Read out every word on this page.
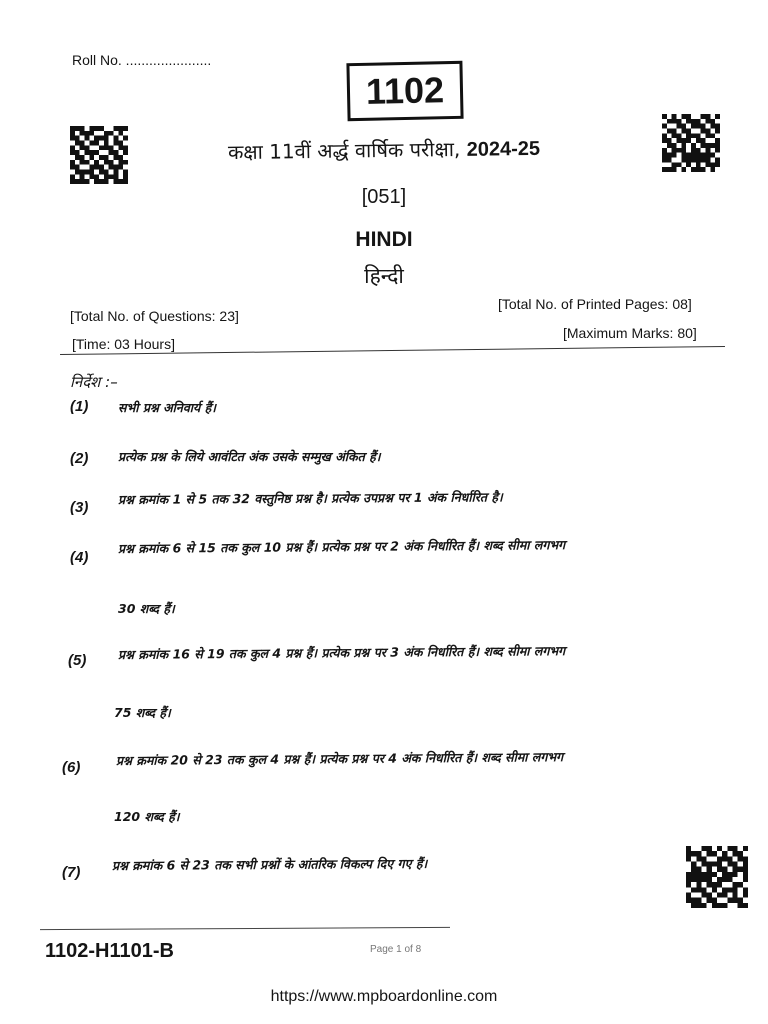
Roll No. ......................
1102
कक्षा 11वीं अर्द्ध वार्षिक परीक्षा, 2024-25
[051]
HINDI
हिन्दी
[Total No. of Questions: 23]
[Total No. of Printed Pages: 08]
[Time: 03 Hours]
[Maximum Marks: 80]
निर्देश :–
(1) सभी प्रश्न अनिवार्य हैं।
(2) प्रत्येक प्रश्न के लिये आवंटित अंक उसके सम्मुख अंकित हैं।
(3)
प्रश्न क्रमांक 1 से 5 तक 32 वस्तुनिष्ठ प्रश्न है। प्रत्येक उपप्रश्न पर 1 अंक निर्धारित है।
(4)
प्रश्न क्रमांक 6 से 15 तक कुल 10 प्रश्न हैं। प्रत्येक प्रश्न पर 2 अंक निर्धारित हैं। शब्द सीमा लगभग
30 शब्द हैं।
(5)	प्रश्न क्रमांक 16 से 19 तक कुल 4 प्रश्न हैं। प्रत्येक प्रश्न पर 3 अंक निर्धारित हैं। शब्द सीमा लगभग
75 शब्द हैं।
(6)	प्रश्न क्रमांक 20 से 23 तक कुल 4 प्रश्न हैं। प्रत्येक प्रश्न पर 4 अंक निर्धारित हैं। शब्द सीमा लगभग
120 शब्द हैं।
(7)	प्रश्न क्रमांक 6 से 23 तक सभी प्रश्नों के आंतरिक विकल्प दिए गए हैं।
1102-H1101-B	Page 1 of 8
https://www.mpboardonline.com
